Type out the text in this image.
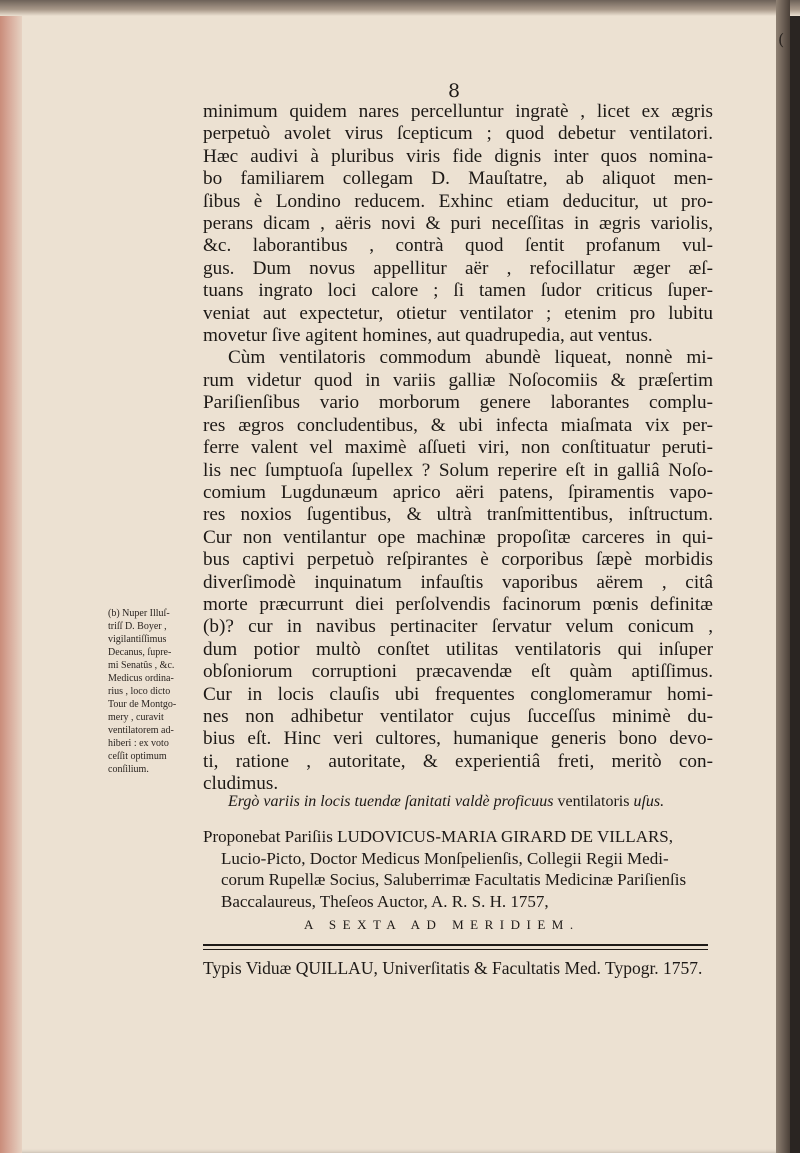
(
8
minimum quidem nares percelluntur ingratè , licet ex ægris
perpetuò avolet virus ſcepticum ; quod debetur ventilatori.
Hæc audivi à pluribus viris fide dignis inter quos nomina-
bo familiarem collegam D. Mauſtatre, ab aliquot men-
ſibus è Londino reducem. Exhinc etiam deducitur, ut pro-
perans dicam , aëris novi & puri neceſſitas in ægris variolis,
&c. laborantibus , contrà quod ſentit profanum vul-
gus. Dum novus appellitur aër , refocillatur æger æſ-
tuans ingrato loci calore ; ſi tamen ſudor criticus ſuper-
veniat aut expectetur, otietur ventilator ; etenim pro lubitu
movetur ſive agitent homines, aut quadrupedia, aut ventus.
Cùm ventilatoris commodum abundè liqueat, nonnè mi-
rum videtur quod in variis galliæ Noſocomiis & præſertim
Pariſienſibus vario morborum genere laborantes complu-
res ægros concludentibus, & ubi infecta miaſmata vix per-
ferre valent vel maximè aſſueti viri, non conſtituatur peruti-
lis nec ſumptuoſa ſupellex ? Solum reperire eſt in galliâ Noſo-
comium Lugdunæum aprico aëri patens, ſpiramentis vapo-
res noxios ſugentibus, & ultrà tranſmittentibus, inſtructum.
Cur non ventilantur ope machinæ propoſitæ carceres in qui-
bus captivi perpetuò reſpirantes è corporibus ſæpè morbidis
diverſimodè inquinatum infauſtis vaporibus aërem , citâ
morte præcurrunt diei perſolvendis facinorum pœnis definitæ
(b)? cur in navibus pertinaciter ſervatur velum conicum ,
dum potior multò conſtet utilitas ventilatoris qui inſuper
obſoniorum corruptioni præcavendæ eſt quàm aptiſſimus.
Cur in locis clauſis ubi frequentes conglomeramur homi-
nes non adhibetur ventilator cujus ſucceſſus minimè du-
bius eſt. Hinc veri cultores, humanique generis bono devo-
ti, ratione , autoritate, & experientiâ freti, meritò con-
cludimus.
(b) Nuper Illuſ-
triſſ D. Boyer ,
vigilantiſſimus
Decanus, ſupre-
mi Senatûs , &c.
Medicus ordina-
rius , loco dicto
Tour de Montgo-
mery , curavit
ventilatorem ad-
hiberi : ex voto
ceſſit optimum
conſilium.
Ergò variis in locis tuendæ ſanitati valdè proficuus ventilatoris uſus.
Proponebat Pariſiis LUDOVICUS-MARIA GIRARD DE VILLARS,
Lucio-Picto, Doctor Medicus Monſpelienſis, Collegii Regii Medi-
corum Rupellæ Socius, Saluberrimæ Facultatis Medicinæ Pariſienſis
Baccalaureus, Theſeos Auctor, A. R. S. H. 1757,
A SEXTA AD MERIDIEM.
Typis Viduæ QUILLAU, Univerſitatis & Facultatis Med. Typogr. 1757.
